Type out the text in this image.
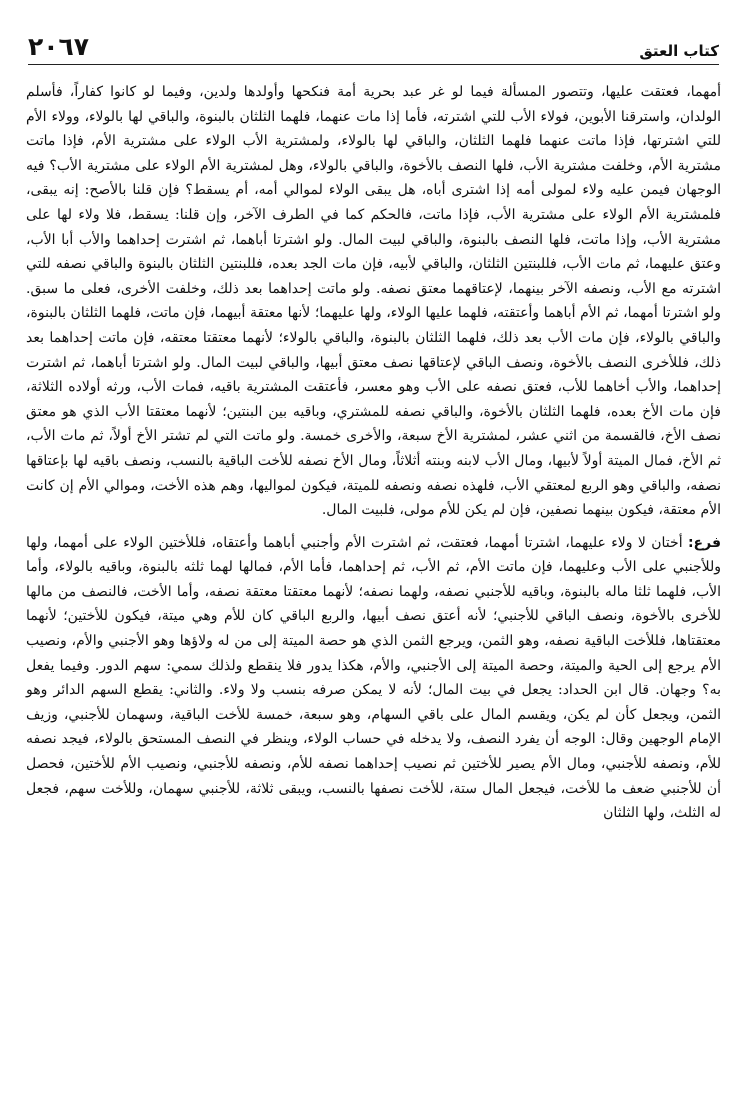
كتاب العتق
٢٠٦٧

أمهما، فعتقت عليها، وتتصور المسألة فيما لو غر عبد بحرية أمة فنكحها وأولدها ولدين، وفيما لو كانوا كفاراً، فأسلم الولدان، واسترقنا الأبوين، فولاء الأب للتي اشترته، فأما إذا مات عنهما، فلهما الثلثان بالبنوة، والباقي لها بالولاء، وولاء الأم للتي اشترتها، فإذا ماتت عنهما فلهما الثلثان، والباقي لها بالولاء، ولمشترية الأب الولاء على مشترية الأم، فإذا ماتت مشترية الأم، وخلفت مشترية الأب، فلها النصف بالأخوة، والباقي بالولاء، وهل لمشترية الأم الولاء على مشترية الأب؟ فيه الوجهان فيمن عليه ولاء لمولى أمه إذا اشترى أباه، هل يبقى الولاء لموالي أمه، أم يسقط؟ فإن قلنا بالأصح: إنه يبقى، فلمشترية الأم الولاء على مشترية الأب، فإذا ماتت، فالحكم كما في الطرف الآخر، وإن قلنا: يسقط، فلا ولاء لها على مشترية الأب، وإذا ماتت، فلها النصف بالبنوة، والباقي لبيت المال. ولو اشترتا أباهما، ثم اشترت إحداهما والأب أبا الأب، وعتق عليهما، ثم مات الأب، فللبنتين الثلثان، والباقي لأبيه، فإن مات الجد بعده، فللبنتين الثلثان بالبنوة والباقي نصفه للتي اشترته مع الأب، ونصفه الآخر بينهما، لإعتاقهما معتق نصفه. ولو ماتت إحداهما بعد ذلك، وخلفت الأخرى، فعلى ما سبق. ولو اشترتا أمهما، ثم الأم أباهما وأعتقته، فلهما عليها الولاء، ولها عليهما؛ لأنها معتقة أبيهما، فإن ماتت، فلهما الثلثان بالبنوة، والباقي بالولاء، فإن مات الأب بعد ذلك، فلهما الثلثان بالبنوة، والباقي بالولاء؛ لأنهما معتقتا معتقه، فإن ماتت إحداهما بعد ذلك، فللأخرى النصف بالأخوة، ونصف الباقي لإعتاقها نصف معتق أبيها، والباقي لبيت المال. ولو اشترتا أباهما، ثم اشترت إحداهما، والأب أخاهما للأب، فعتق نصفه على الأب وهو معسر، فأعتقت المشترية باقيه، فمات الأب، ورثه أولاده الثلاثة، فإن مات الأخ بعده، فلهما الثلثان بالأخوة، والباقي نصفه للمشتري، وباقيه بين البنتين؛ لأنهما معتقتا الأب الذي هو معتق نصف الأخ، فالقسمة من اثني عشر، لمشترية الأخ سبعة، والأخرى خمسة. ولو ماتت التي لم تشتر الأخ أولاً، ثم مات الأب، ثم الأخ، فمال الميتة أولاً لأبيها، ومال الأب لابنه وبنته أثلاثاً، ومال الأخ نصفه للأخت الباقية بالنسب، ونصف باقيه لها بإعتاقها نصفه، والباقي وهو الربع لمعتقي الأب، فلهذه نصفه ونصفه للميتة، فيكون لمواليها، وهم هذه الأخت، وموالي الأم إن كانت الأم معتقة، فيكون بينهما نصفين، فإن لم يكن للأم مولى، فلبيت المال.

فرع: أختان لا ولاء عليهما، اشترتا أمهما، فعتقت، ثم اشترت الأم وأجنبي أباهما وأعتقاه، فللأختين الولاء على أمهما، ولها وللأجنبي على الأب وعليهما، فإن ماتت الأم، ثم الأب، ثم إحداهما، فأما الأم، فمالها لهما ثلثه بالبنوة، وباقيه بالولاء، وأما الأب، فلهما ثلثا ماله بالبنوة، وباقيه للأجنبي نصفه، ولهما نصفه؛ لأنهما معتقتا معتقة نصفه، وأما الأخت، فالنصف من مالها للأخرى بالأخوة، ونصف الباقي للأجنبي؛ لأنه أعتق نصف أبيها، والربع الباقي كان للأم وهي ميتة، فيكون للأختين؛ لأنهما معتقتاها، فللأخت الباقية نصفه، وهو الثمن، ويرجع الثمن الذي هو حصة الميتة إلى من له ولاؤها وهو الأجنبي والأم، ونصيب الأم يرجع إلى الحية والميتة، وحصة الميتة إلى الأجنبي، والأم، هكذا يدور فلا ينقطع ولذلك سمي: سهم الدور. وفيما يفعل به؟ وجهان. قال ابن الحداد: يجعل في بيت المال؛ لأنه لا يمكن صرفه بنسب ولا ولاء. والثاني: يقطع السهم الدائر وهو الثمن، ويجعل كأن لم يكن، ويقسم المال على باقي السهام، وهو سبعة، خمسة للأخت الباقية، وسهمان للأجنبي، وزيف الإمام الوجهين وقال: الوجه أن يفرد النصف، ولا يدخله في حساب الولاء، وينظر في النصف المستحق بالولاء، فيجد نصفه للأم، ونصفه للأجنبي، ومال الأم يصير للأختين ثم نصيب إحداهما نصفه للأم، ونصفه للأجنبي، ونصيب الأم للأختين، فحصل أن للأجنبي ضعف ما للأخت، فيجعل المال ستة، للأخت نصفها بالنسب، ويبقى ثلاثة، للأجنبي سهمان، وللأخت سهم، فجعل له الثلث، ولها الثلثان
